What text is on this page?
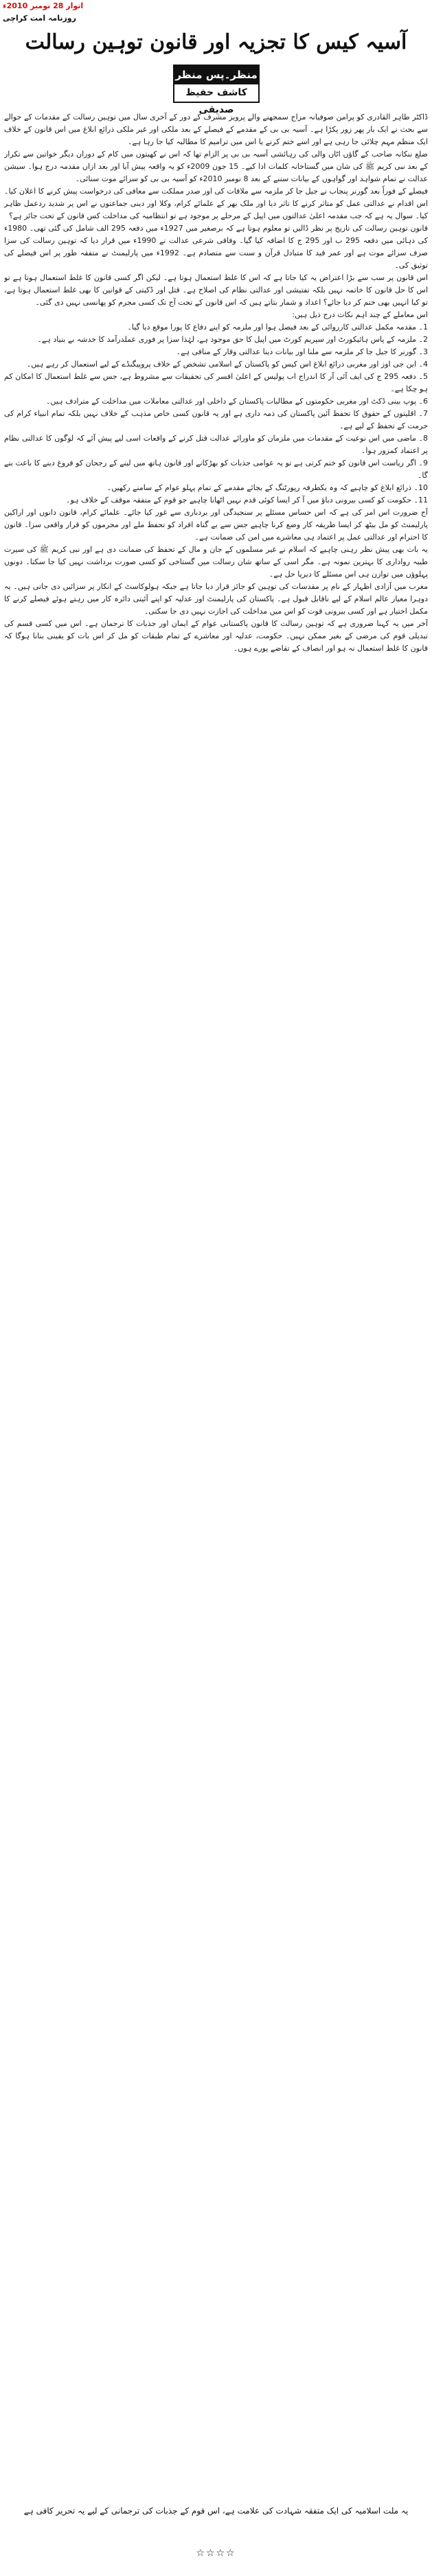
اتوار 28 نومبر 2010ء
روزنامہ امت کراچی
آسیہ کیس کا تجزیہ اور قانون توہین رسالت
منظر۔پس منظر
کاشف حفیظ صدیقی

ڈاکٹر طاہر القادری کو پرامن صوفیانہ مزاج سمجھنے والے پرویز مشرف کے دور کے آخری سال میں توہین رسالت کے مقدمات کے حوالے سے بحث نے ایک بار پھر زور پکڑا ہے۔ آسیہ بی بی کے مقدمے کے فیصلے کے بعد ملکی اور غیر ملکی ذرائع ابلاغ میں اس قانون کے خلاف ایک منظم مہم چلائی جا رہی ہے اور اسے ختم کرنے یا اس میں ترامیم کا مطالبہ کیا جا رہا ہے۔

ضلع ننکانہ صاحب کے گاؤں اٹاں والی کی رہائشی آسیہ بی بی پر الزام تھا کہ اس نے کھیتوں میں کام کے دوران دیگر خواتین سے تکرار کے بعد نبی کریم ﷺ کی شان میں گستاخانہ کلمات ادا کیے۔ 15 جون 2009ء کو یہ واقعہ پیش آیا اور بعد ازاں مقدمہ درج ہوا۔ سیشن عدالت نے تمام شواہد اور گواہوں کے بیانات سننے کے بعد 8 نومبر 2010ء کو آسیہ بی بی کو سزائے موت سنائی۔

فیصلے کے فوراً بعد گورنر پنجاب نے جیل جا کر ملزمہ سے ملاقات کی اور صدر مملکت سے معافی کی درخواست پیش کرنے کا اعلان کیا۔ اس اقدام نے عدالتی عمل کو متاثر کرنے کا تاثر دیا اور ملک بھر کے علمائے کرام، وکلا اور دینی جماعتوں نے اس پر شدید ردعمل ظاہر کیا۔ سوال یہ ہے کہ جب مقدمہ اعلیٰ عدالتوں میں اپیل کے مرحلے پر موجود ہے تو انتظامیہ کی مداخلت کس قانون کے تحت جائز ہے؟

قانون توہین رسالت کی تاریخ پر نظر ڈالیں تو معلوم ہوتا ہے کہ برصغیر میں 1927ء میں دفعہ 295 الف شامل کی گئی تھی۔ 1980ء کی دہائی میں دفعہ 295 ب اور 295 ج کا اضافہ کیا گیا۔ وفاقی شرعی عدالت نے 1990ء میں قرار دیا کہ توہین رسالت کی سزا صرف سزائے موت ہے اور عمر قید کا متبادل قرآن و سنت سے متصادم ہے۔ 1992ء میں پارلیمنٹ نے متفقہ طور پر اس فیصلے کی توثیق کی۔

اس قانون پر سب سے بڑا اعتراض یہ کیا جاتا ہے کہ اس کا غلط استعمال ہوتا ہے۔ لیکن اگر کسی قانون کا غلط استعمال ہوتا ہے تو اس کا حل قانون کا خاتمہ نہیں بلکہ تفتیشی اور عدالتی نظام کی اصلاح ہے۔ قتل اور ڈکیتی کے قوانین کا بھی غلط استعمال ہوتا ہے، تو کیا انہیں بھی ختم کر دیا جائے؟ اعداد و شمار بتاتے ہیں کہ اس قانون کے تحت آج تک کسی مجرم کو پھانسی نہیں دی گئی۔

اس معاملے کے چند اہم نکات درج ذیل ہیں:

1۔ مقدمہ مکمل عدالتی کارروائی کے بعد فیصل ہوا اور ملزمہ کو اپنے دفاع کا پورا موقع دیا گیا۔

2۔ ملزمہ کے پاس ہائیکورٹ اور سپریم کورٹ میں اپیل کا حق موجود ہے، لہٰذا سزا پر فوری عملدرآمد کا خدشہ بے بنیاد ہے۔

3۔ گورنر کا جیل جا کر ملزمہ سے ملنا اور بیانات دینا عدالتی وقار کے منافی ہے۔

4۔ این جی اوز اور مغربی ذرائع ابلاغ اس کیس کو پاکستان کے اسلامی تشخص کے خلاف پروپیگنڈے کے لیے استعمال کر رہے ہیں۔

5۔ دفعہ 295 ج کی ایف آئی آر کا اندراج اب پولیس کے اعلیٰ افسر کی تحقیقات سے مشروط ہے، جس سے غلط استعمال کا امکان کم ہو چکا ہے۔

6۔ پوپ بینی ڈکٹ اور مغربی حکومتوں کے مطالبات پاکستان کے داخلی اور عدالتی معاملات میں مداخلت کے مترادف ہیں۔

7۔ اقلیتوں کے حقوق کا تحفظ آئین پاکستان کی ذمہ داری ہے اور یہ قانون کسی خاص مذہب کے خلاف نہیں بلکہ تمام انبیاء کرام کی حرمت کے تحفظ کے لیے ہے۔

8۔ ماضی میں اس نوعیت کے مقدمات میں ملزمان کو ماورائے عدالت قتل کرنے کے واقعات اسی لیے پیش آئے کہ لوگوں کا عدالتی نظام پر اعتماد کمزور ہوا۔

9۔ اگر ریاست اس قانون کو ختم کرتی ہے تو یہ عوامی جذبات کو بھڑکانے اور قانون ہاتھ میں لینے کے رجحان کو فروغ دینے کا باعث بنے گا۔

10۔ ذرائع ابلاغ کو چاہیے کہ وہ یکطرفہ رپورٹنگ کے بجائے مقدمے کے تمام پہلو عوام کے سامنے رکھیں۔

11۔ حکومت کو کسی بیرونی دباؤ میں آ کر ایسا کوئی قدم نہیں اٹھانا چاہیے جو قوم کے متفقہ موقف کے خلاف ہو۔

آج ضرورت اس امر کی ہے کہ اس حساس مسئلے پر سنجیدگی اور بردباری سے غور کیا جائے۔ علمائے کرام، قانون دانوں اور اراکین پارلیمنٹ کو مل بیٹھ کر ایسا طریقہ کار وضع کرنا چاہیے جس سے بے گناہ افراد کو تحفظ ملے اور مجرموں کو قرار واقعی سزا۔ قانون کا احترام اور عدالتی عمل پر اعتماد ہی معاشرے میں امن کی ضمانت ہے۔

یہ بات بھی پیش نظر رہنی چاہیے کہ اسلام نے غیر مسلموں کے جان و مال کے تحفظ کی ضمانت دی ہے اور نبی کریم ﷺ کی سیرت طیبہ رواداری کا بہترین نمونہ ہے۔ مگر اسی کے ساتھ شان رسالت میں گستاخی کو کسی صورت برداشت نہیں کیا جا سکتا۔ دونوں پہلوؤں میں توازن ہی اس مسئلے کا دیرپا حل ہے۔

مغرب میں آزادی اظہار کے نام پر مقدسات کی توہین کو جائز قرار دیا جاتا ہے جبکہ ہولوکاسٹ کے انکار پر سزائیں دی جاتی ہیں۔ یہ دوہرا معیار عالم اسلام کے لیے ناقابل قبول ہے۔ پاکستان کی پارلیمنٹ اور عدلیہ کو اپنے آئینی دائرہ کار میں رہتے ہوئے فیصلے کرنے کا مکمل اختیار ہے اور کسی بیرونی قوت کو اس میں مداخلت کی اجازت نہیں دی جا سکتی۔

آخر میں یہ کہنا ضروری ہے کہ توہین رسالت کا قانون پاکستانی عوام کے ایمان اور جذبات کا ترجمان ہے۔ اس میں کسی قسم کی تبدیلی قوم کی مرضی کے بغیر ممکن نہیں۔ حکومت، عدلیہ اور معاشرے کے تمام طبقات کو مل کر اس بات کو یقینی بنانا ہوگا کہ قانون کا غلط استعمال نہ ہو اور انصاف کے تقاضے پورے ہوں۔

یہ ملت اسلامیہ کی ایک متفقہ شہادت کی علامت ہے، اس قوم کے جذبات کی ترجمانی کے لیے یہ تحریر کافی ہے
☆☆☆☆
